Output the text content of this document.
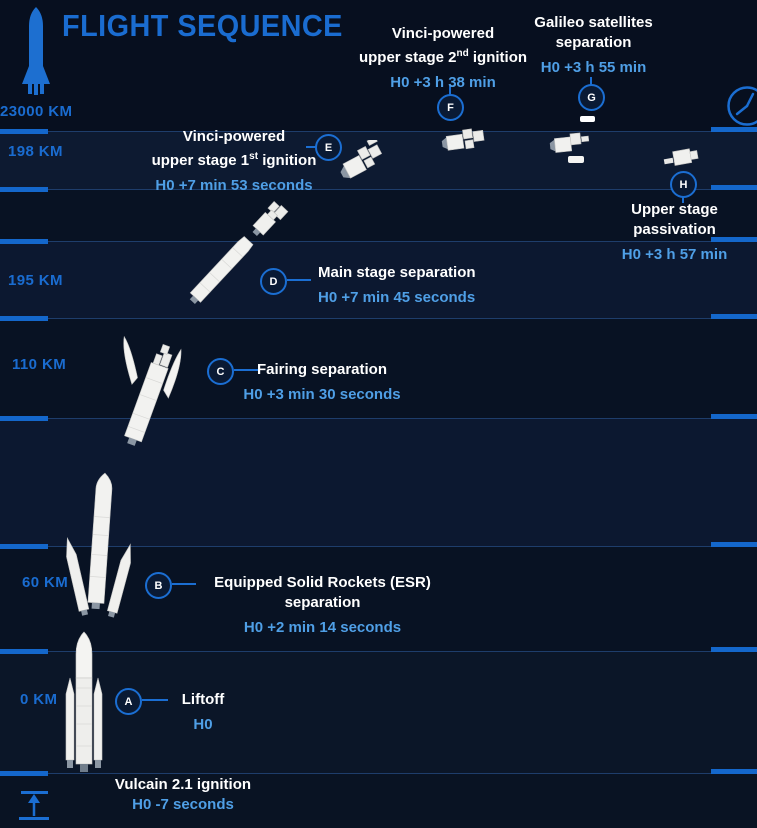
FLIGHT SEQUENCE
23000 KM
198 KM
195 KM
110 KM
60 KM
0 KM	A	Liftoff
H0
B	Equipped Solid Rockets (ESR)
separation
H0 +2 min 14 seconds
C	Fairing separation
H0 +3 min 30 seconds
D
Main stage separation
H0 +7 min 45 seconds
Vinci-powered
upper stage 1st ignition
H0 +7 min 53 seconds
E
Vinci-powered
upper stage 2nd ignition
H0 +3 h 38 min
F
Galileo satellites
separation
H0 +3 h 55 min
G
H
Upper stage passivation
H0 +3 h 57 min
Vulcain 2.1 ignition
H0 -7 seconds
